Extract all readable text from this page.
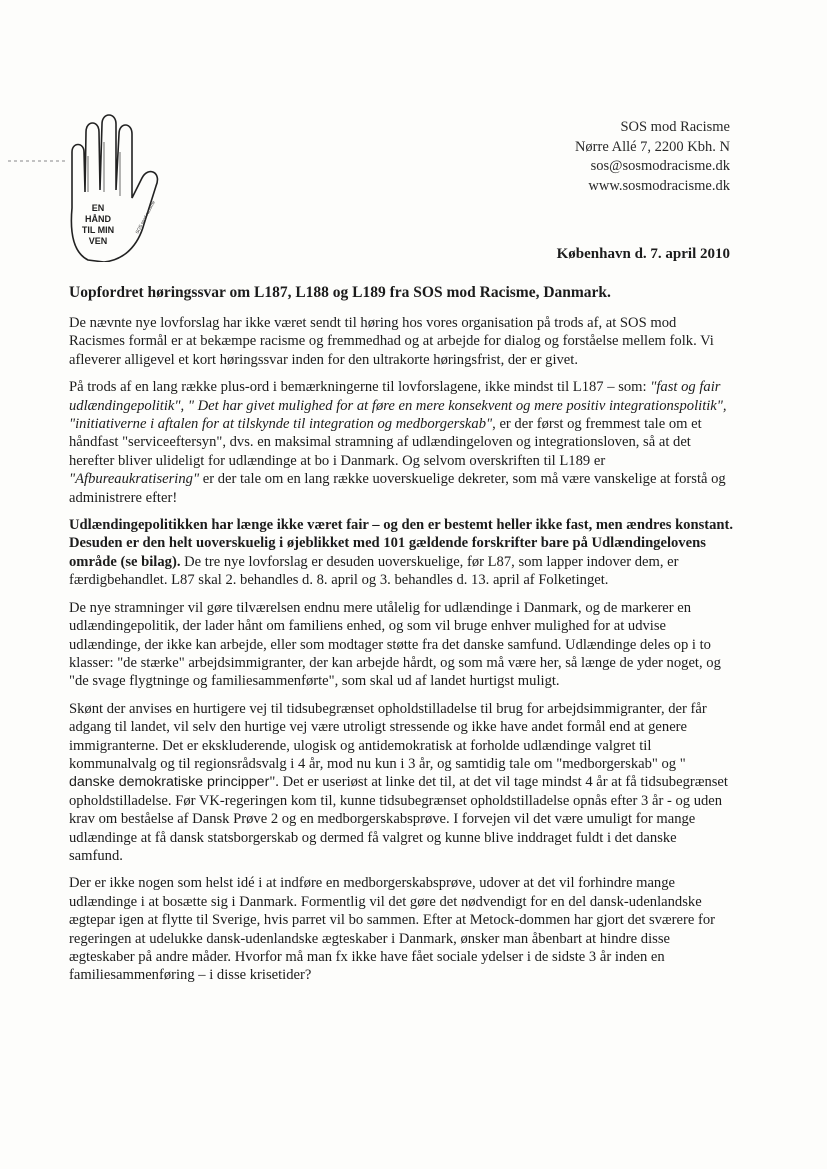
EN
HÅND
TIL MIN
VEN
SOS mod racisme
SOS mod Racisme
Nørre Allé 7, 2200 Kbh. N
sos@sosmodracisme.dk
www.sosmodracisme.dk
København d. 7. april 2010
Uopfordret høringssvar om L187, L188 og L189 fra SOS mod Racisme, Danmark.

De nævnte nye lovforslag har ikke været sendt til høring hos vores organisation på trods af, at SOS mod Racismes formål er at bekæmpe racisme og fremmedhad og at arbejde for dialog og forståelse mellem folk. Vi afleverer alligevel et kort høringssvar inden for den ultrakorte høringsfrist, der er givet.

På trods af en lang række plus-ord i bemærkningerne til lovforslagene, ikke mindst til L187 – som: "fast og fair udlændingepolitik", " Det har givet mulighed for at føre en mere konsekvent og mere positiv integrationspolitik", "initiativerne i aftalen for at tilskynde til integration og medborgerskab", er der først og fremmest tale om et håndfast "serviceeftersyn", dvs. en maksimal stramning af udlændingeloven og integrationsloven, så at det herefter bliver ulideligt for udlændinge at bo i Danmark. Og selvom overskriften til L189 er "Afbureaukratisering" er der tale om en lang række uoverskuelige dekreter, som må være vanskelige at forstå og administrere efter!

Udlændingepolitikken har længe ikke været fair – og den er bestemt heller ikke fast, men ændres konstant. Desuden er den helt uoverskuelig i øjeblikket med 101 gældende forskrifter bare på Udlændingelovens område (se bilag). De tre nye lovforslag er desuden uoverskuelige, før L87, som lapper indover dem, er færdigbehandlet. L87 skal 2. behandles d. 8. april og 3. behandles d. 13. april af Folketinget.

De nye stramninger vil gøre tilværelsen endnu mere utålelig for udlændinge i Danmark, og de markerer en udlændingepolitik, der lader hånt om familiens enhed, og som vil bruge enhver mulighed for at udvise udlændinge, der ikke kan arbejde, eller som modtager støtte fra det danske samfund. Udlændinge deles op i to klasser: "de stærke" arbejdsimmigranter, der kan arbejde hårdt, og som må være her, så længe de yder noget, og "de svage flygtninge og familiesammenførte", som skal ud af landet hurtigst muligt.

Skønt der anvises en hurtigere vej til tidsubegrænset opholdstilladelse til brug for arbejdsimmigranter, der får adgang til landet, vil selv den hurtige vej være utroligt stressende og ikke have andet formål end at genere immigranterne. Det er ekskluderende, ulogisk og antidemokratisk at forholde udlændinge valgret til kommunalvalg og til regionsrådsvalg i 4 år, mod nu kun i 3 år, og samtidig tale om "medborgerskab" og " danske demokratiske principper". Det er useriøst at linke det til, at det vil tage mindst 4 år at få tidsubegrænset opholdstilladelse. Før VK-regeringen kom til, kunne tidsubegrænset opholdstilladelse opnås efter 3 år - og uden krav om beståelse af Dansk Prøve 2 og en medborgerskabsprøve. I forvejen vil det være umuligt for mange udlændinge at få dansk statsborgerskab og dermed få valgret og kunne blive inddraget fuldt i det danske samfund.

Der er ikke nogen som helst idé i at indføre en medborgerskabsprøve, udover at det vil forhindre mange udlændinge i at bosætte sig i Danmark. Formentlig vil det gøre det nødvendigt for en del dansk-udenlandske ægtepar igen at flytte til Sverige, hvis parret vil bo sammen. Efter at Metock-dommen har gjort det sværere for regeringen at udelukke dansk-udenlandske ægteskaber i Danmark, ønsker man åbenbart at hindre disse ægteskaber på andre måder. Hvorfor må man fx ikke have fået sociale ydelser i de sidste 3 år inden en familiesammenføring – i disse krisetider?
